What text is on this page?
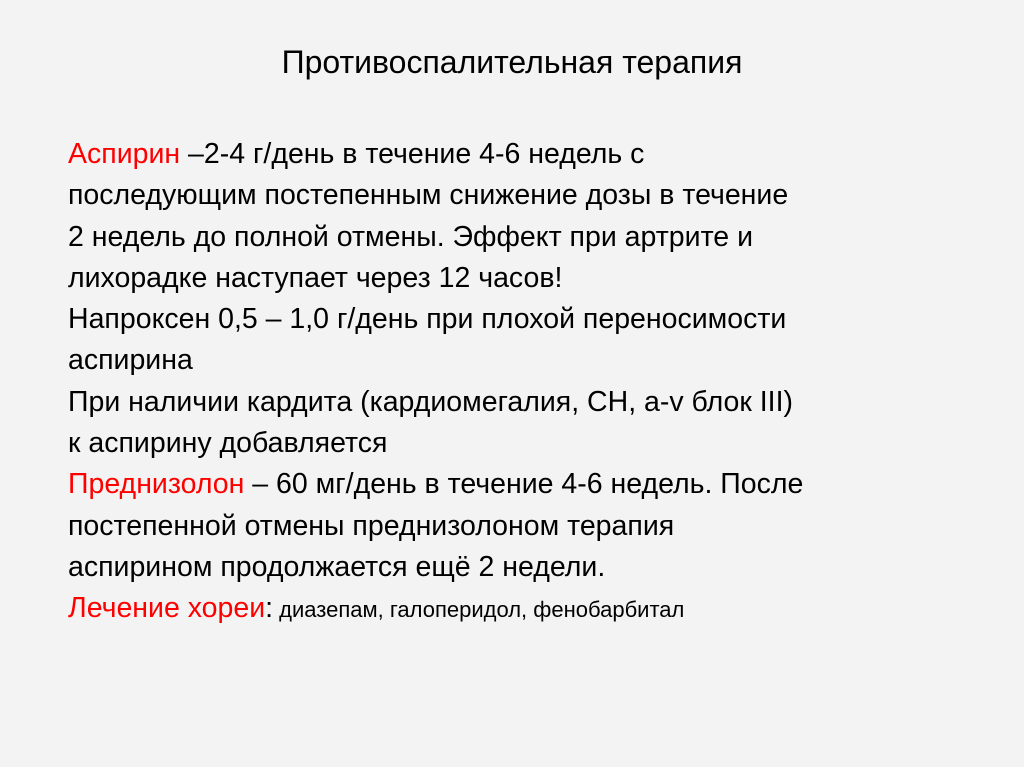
Противоспалительная терапия
Аспирин –2-4 г/день в течение 4-6 недель с
последующим постепенным снижение дозы в течение
2 недель до полной отмены. Эффект при артрите и
лихорадке наступает через 12 часов!
Напроксен 0,5 – 1,0 г/день при плохой переносимости
аспирина
При наличии кардита (кардиомегалия, СН, a-v блок III)
к аспирину добавляется
Преднизолон – 60 мг/день в течение 4-6 недель. После
постепенной отмены преднизолоном терапия
аспирином продолжается ещё 2 недели.
Лечение хореи: диазепам, галоперидол, фенобарбитал
